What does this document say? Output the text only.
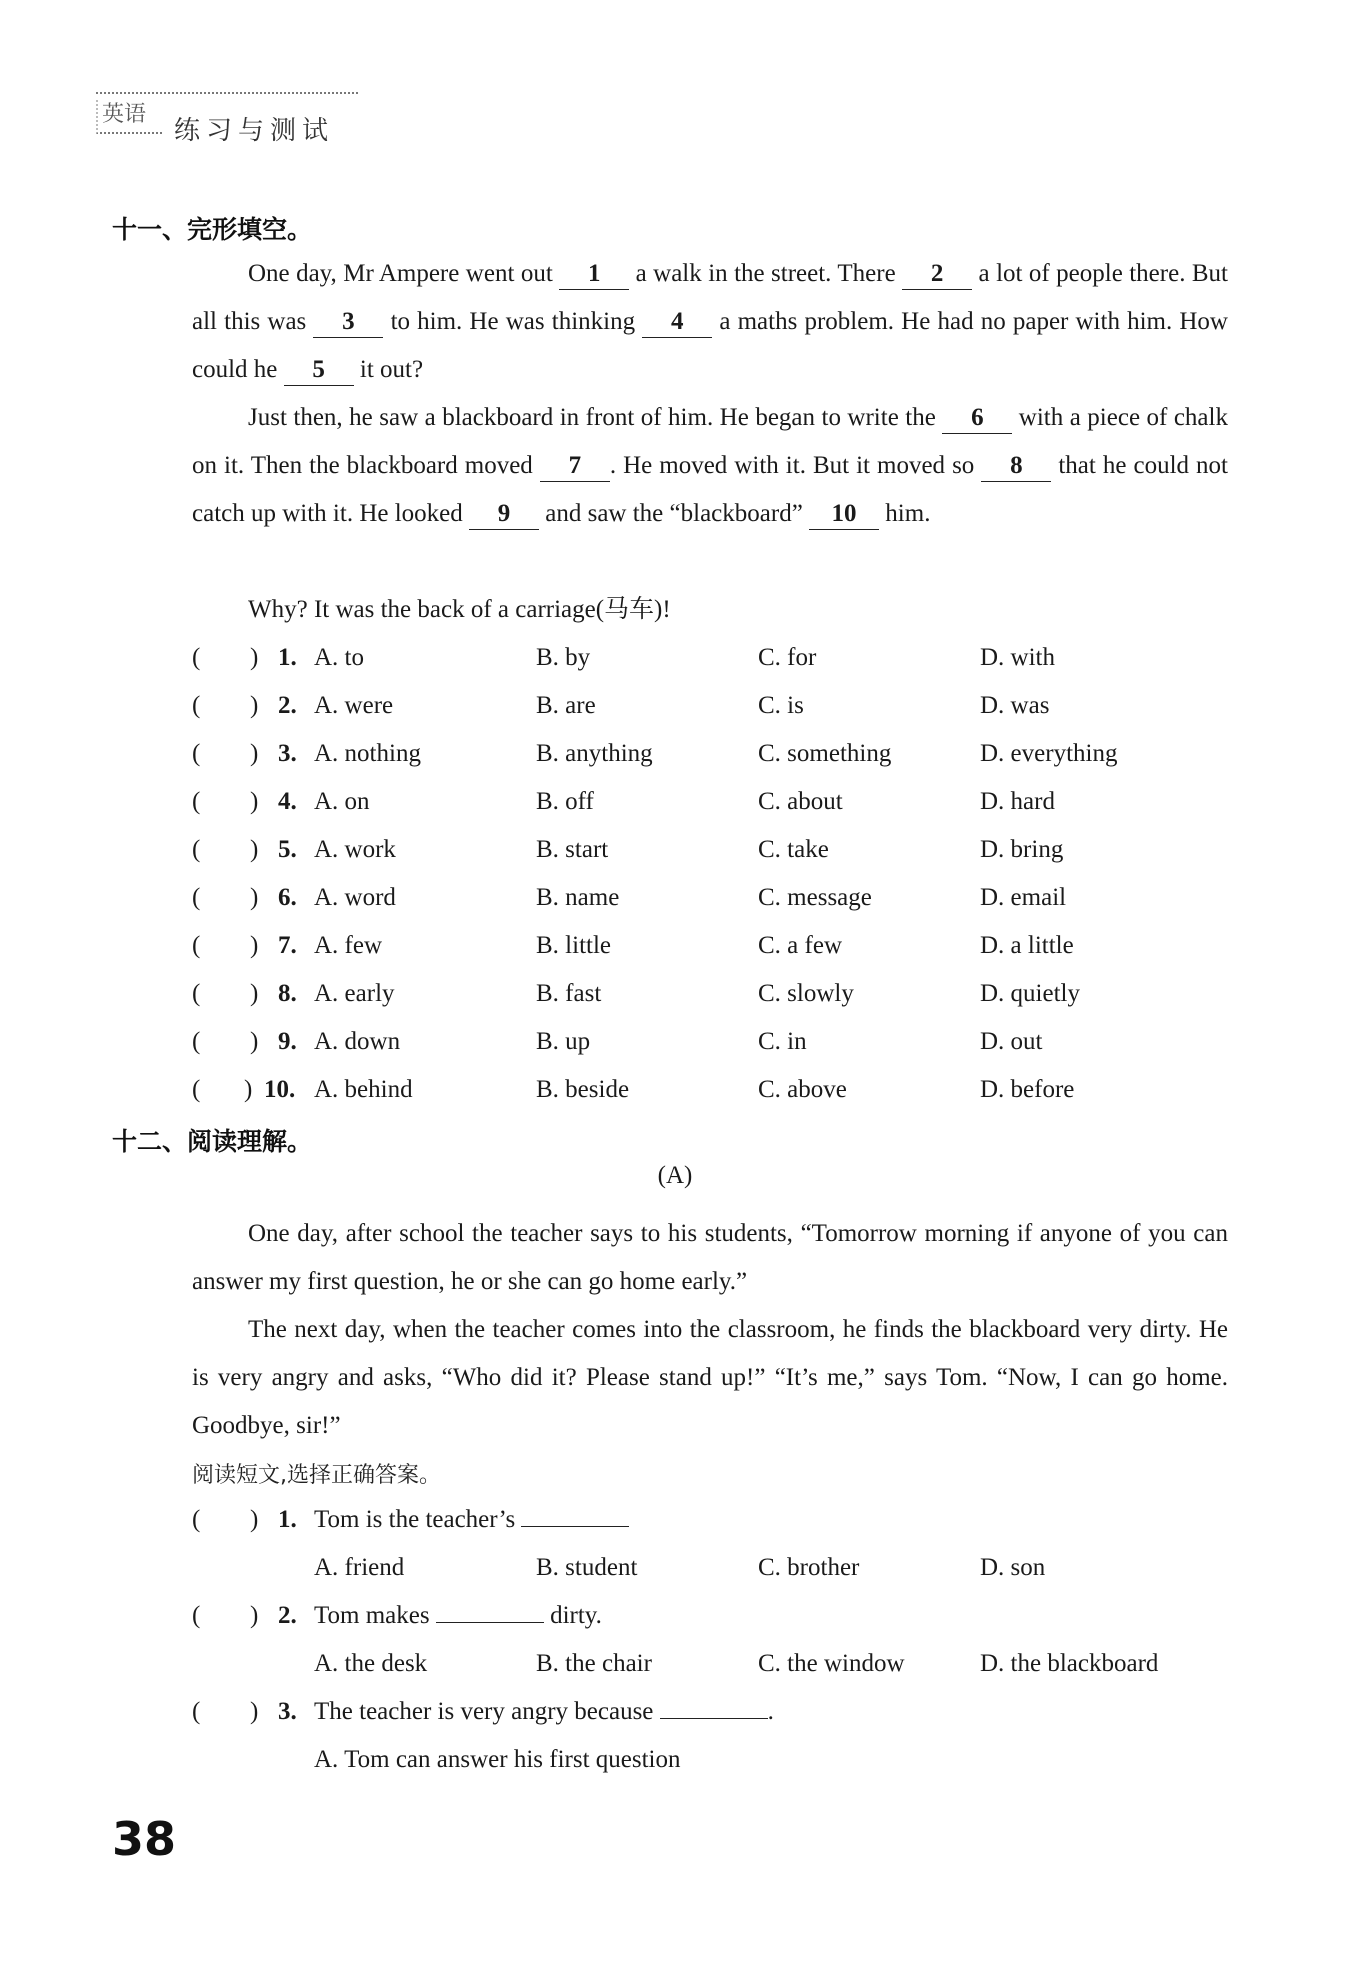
英语
练习与测试
十一、完形填空。
One day, Mr Ampere went out 1 a walk in the street. There 2 a lot of people there. But all this was 3 to him. He was thinking 4 a maths problem. He had no paper with him. How could he 5 it out?
Just then, he saw a blackboard in front of him. He began to write the 6 with a piece of chalk on it. Then the blackboard moved 7 . He moved with it. But it moved so 8 that he could not catch up with it. He looked 9 and saw the “blackboard” 10 him.
Why? It was the back of a carriage(马车)!
( ) 1. A. to	B. by	C. for	D. with
( ) 2. A. were	B. are	C. is	D. was
( ) 3. A. nothing	B. anything	C. something	D. everything
( ) 4. A. on	B. off	C. about	D. hard
( ) 5. A. work	B. start	C. take	D. bring
( ) 6. A. word	B. name	C. message	D. email
( ) 7. A. few	B. little	C. a few	D. a little
( ) 8. A. early	B. fast	C. slowly	D. quietly
( ) 9. A. down	B. up	C. in	D. out
( ) 10. A. behind	B. beside	C. above	D. before
十二、阅读理解。
(A)
One day, after school the teacher says to his students, “Tomorrow morning if anyone of you can answer my first question, he or she can go home early.”
The next day, when the teacher comes into the classroom, he finds the blackboard very dirty. He is very angry and asks, “Who did it? Please stand up!” “It’s me,” says Tom. “Now, I can go home. Goodbye, sir!”
阅读短文,选择正确答案。
( ) 1. Tom is the teacher’s
A. friend	B. student	C. brother	D. son
( ) 2. Tom makes	dirty.
A. the desk	B. the chair	C. the window	D. the blackboard
( ) 3. The teacher is very angry because	.
A. Tom can answer his first question
38
